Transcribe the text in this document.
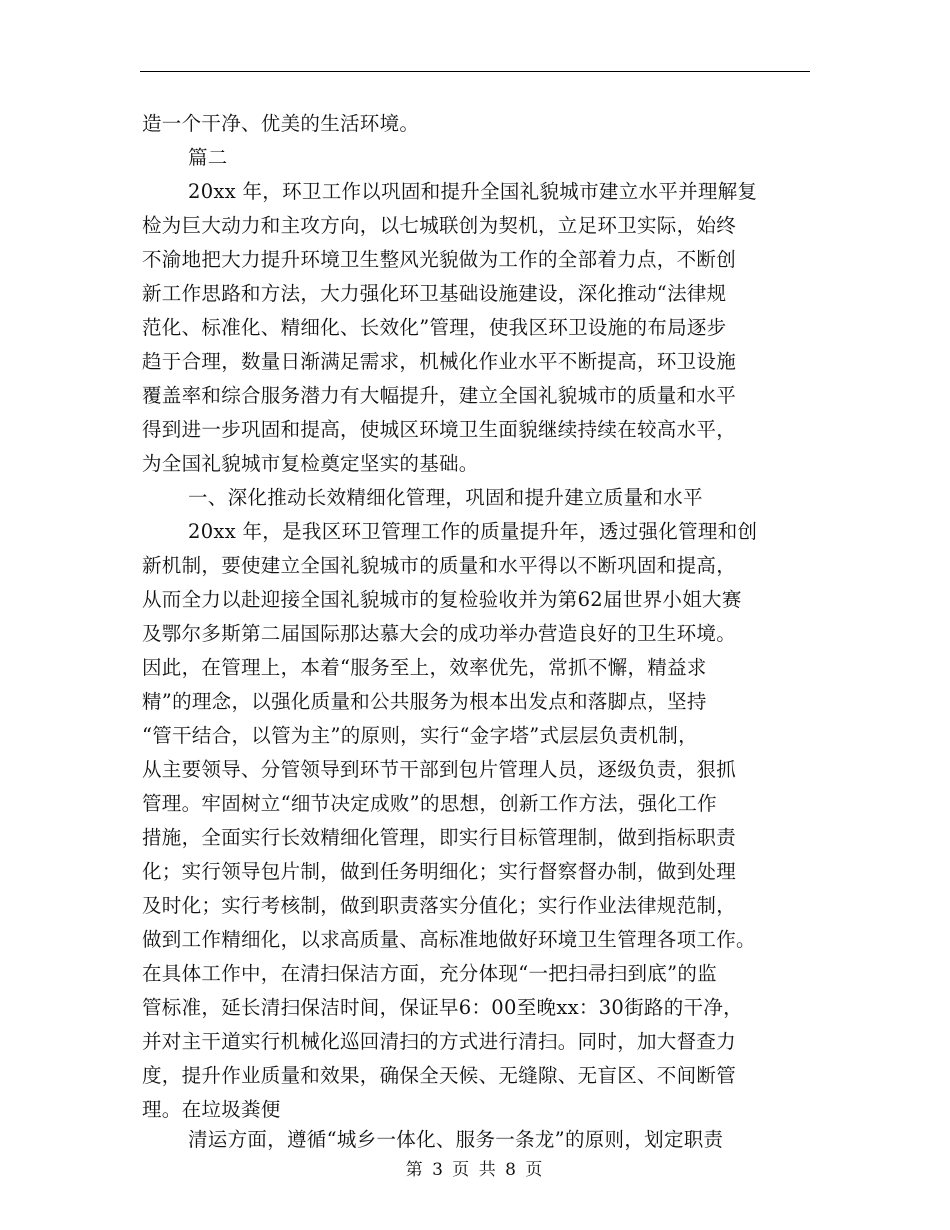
造一个干净、优美的生活环境。
篇二
20xx 年，环卫工作以巩固和提升全国礼貌城市建立水平并理解复
检为巨大动力和主攻方向，以七城联创为契机，立足环卫实际，始终
不渝地把大力提升环境卫生整风光貌做为工作的全部着力点，不断创
新工作思路和方法，大力强化环卫基础设施建设，深化推动“法律规
范化、标准化、精细化、长效化”管理，使我区环卫设施的布局逐步
趋于合理，数量日渐满足需求，机械化作业水平不断提高，环卫设施
覆盖率和综合服务潜力有大幅提升，建立全国礼貌城市的质量和水平
得到进一步巩固和提高，使城区环境卫生面貌继续持续在较高水平，
为全国礼貌城市复检奠定坚实的基础。
一、深化推动长效精细化管理，巩固和提升建立质量和水平
20xx 年，是我区环卫管理工作的质量提升年，透过强化管理和创
新机制，要使建立全国礼貌城市的质量和水平得以不断巩固和提高，
从而全力以赴迎接全国礼貌城市的复检验收并为第62届世界小姐大赛
及鄂尔多斯第二届国际那达慕大会的成功举办营造良好的卫生环境。
因此，在管理上，本着“服务至上，效率优先，常抓不懈，精益求
精”的理念，以强化质量和公共服务为根本出发点和落脚点，坚持
“管干结合，以管为主”的原则，实行“金字塔”式层层负责机制，
从主要领导、分管领导到环节干部到包片管理人员，逐级负责，狠抓
管理。牢固树立“细节决定成败”的思想，创新工作方法，强化工作
措施，全面实行长效精细化管理，即实行目标管理制，做到指标职责
化；实行领导包片制，做到任务明细化；实行督察督办制，做到处理
及时化；实行考核制，做到职责落实分值化；实行作业法律规范制，
做到工作精细化，以求高质量、高标准地做好环境卫生管理各项工作。
在具体工作中，在清扫保洁方面，充分体现“一把扫帚扫到底”的监
管标准，延长清扫保洁时间，保证早6：00至晚xx：30街路的干净，
并对主干道实行机械化巡回清扫的方式进行清扫。同时，加大督查力
度，提升作业质量和效果，确保全天候、无缝隙、无盲区、不间断管
理。在垃圾粪便
清运方面，遵循“城乡一体化、服务一条龙”的原则，划定职责
第 3 页 共 8 页
